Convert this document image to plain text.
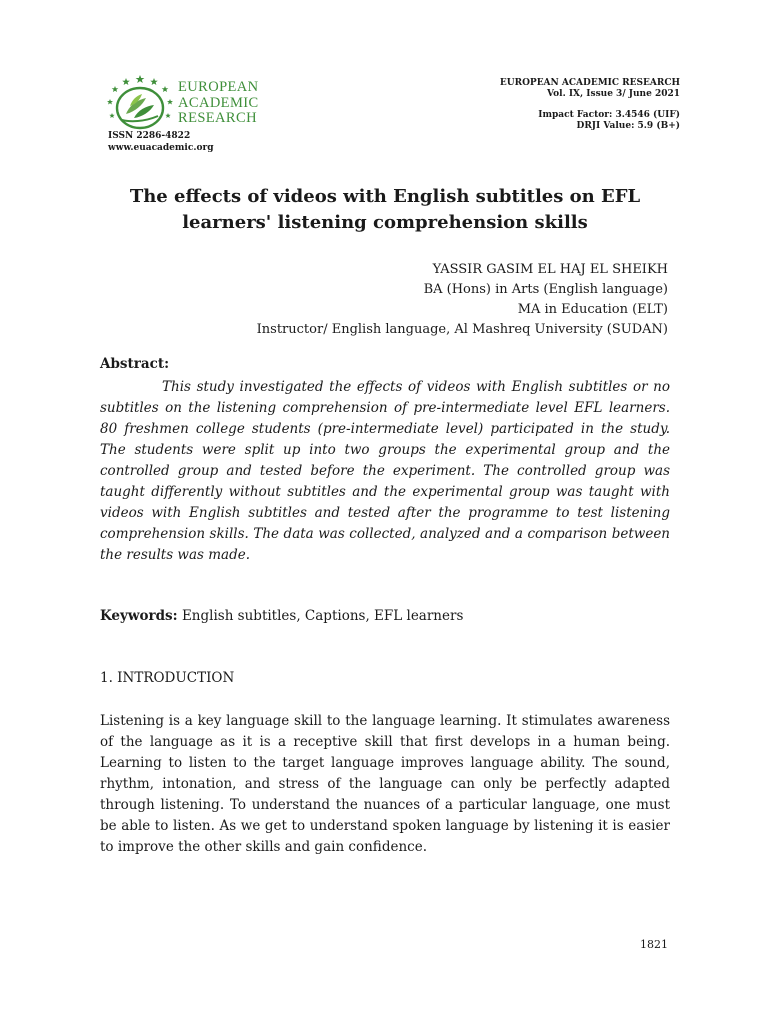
EUROPEAN
ACADEMIC
RESEARCH
ISSN 2286-4822
www.euacademic.org
EUROPEAN ACADEMIC RESEARCH
Vol. IX, Issue 3/ June 2021
Impact Factor: 3.4546 (UIF)
DRJI Value: 5.9 (B+)
The effects of videos with English subtitles on EFL learners' listening comprehension skills
YASSIR GASIM EL HAJ EL SHEIKH
BA (Hons) in Arts (English language)
MA in Education (ELT)
Instructor/ English language, Al Mashreq University (SUDAN)
Abstract:

This study investigated the effects of videos with English subtitles or no subtitles on the listening comprehension of pre-intermediate level EFL learners. 80 freshmen college students (pre-intermediate level) participated in the study. The students were split up into two groups the experimental group and the controlled group and tested before the experiment. The controlled group was taught differently without subtitles and the experimental group was taught with videos with English subtitles and tested after the programme to test listening comprehension skills. The data was collected, analyzed and a comparison between the results was made.

Keywords: English subtitles, Captions, EFL learners
1. INTRODUCTION

Listening is a key language skill to the language learning. It stimulates awareness of the language as it is a receptive skill that first develops in a human being. Learning to listen to the target language improves language ability. The sound, rhythm, intonation, and stress of the language can only be perfectly adapted through listening. To understand the nuances of a particular language, one must be able to listen. As we get to understand spoken language by listening it is easier to improve the other skills and gain confidence.

1821
